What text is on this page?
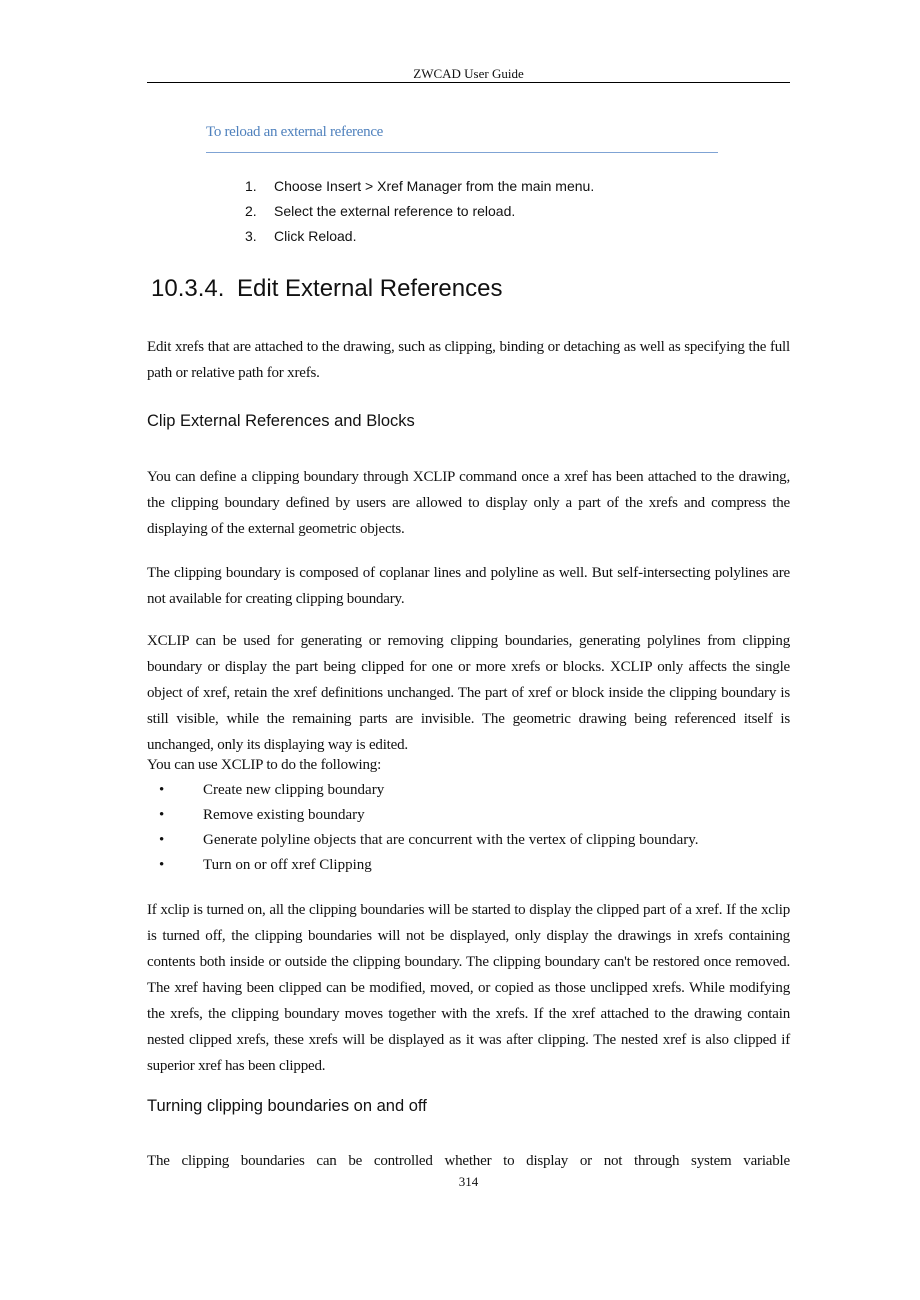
ZWCAD User Guide
To reload an external reference
1.	Choose Insert > Xref Manager from the main menu.
2.	Select the external reference to reload.
3.	Click Reload.
10.3.4. Edit External References

Edit xrefs that are attached to the drawing, such as clipping, binding or detaching as well as specifying the full path or relative path for xrefs.

Clip External References and Blocks

You can define a clipping boundary through XCLIP command once a xref has been attached to the drawing, the clipping boundary defined by users are allowed to display only a part of the xrefs and compress the displaying of the external geometric objects.

The clipping boundary is composed of coplanar lines and polyline as well. But self-intersecting polylines are not available for creating clipping boundary.

XCLIP can be used for generating or removing clipping boundaries, generating polylines from clipping boundary or display the part being clipped for one or more xrefs or blocks. XCLIP only affects the single object of xref, retain the xref definitions unchanged. The part of xref or block inside the clipping boundary is still visible, while the remaining parts are invisible. The geometric drawing being referenced itself is unchanged, only its displaying way is edited.

You can use XCLIP to do the following:

•	Create new clipping boundary
•	Remove existing boundary
•	Generate polyline objects that are concurrent with the vertex of clipping boundary.
•	Turn on or off xref Clipping

If xclip is turned on, all the clipping boundaries will be started to display the clipped part of a xref. If the xclip is turned off, the clipping boundaries will not be displayed, only display the drawings in xrefs containing contents both inside or outside the clipping boundary. The clipping boundary can't be restored once removed. The xref having been clipped can be modified, moved, or copied as those unclipped xrefs. While modifying the xrefs, the clipping boundary moves together with the xrefs. If the xref attached to the drawing contain nested clipped xrefs, these xrefs will be displayed as it was after clipping. The nested xref is also clipped if superior xref has been clipped.

Turning clipping boundaries on and off

The clipping boundaries can be controlled whether to display or not through system variable

314
